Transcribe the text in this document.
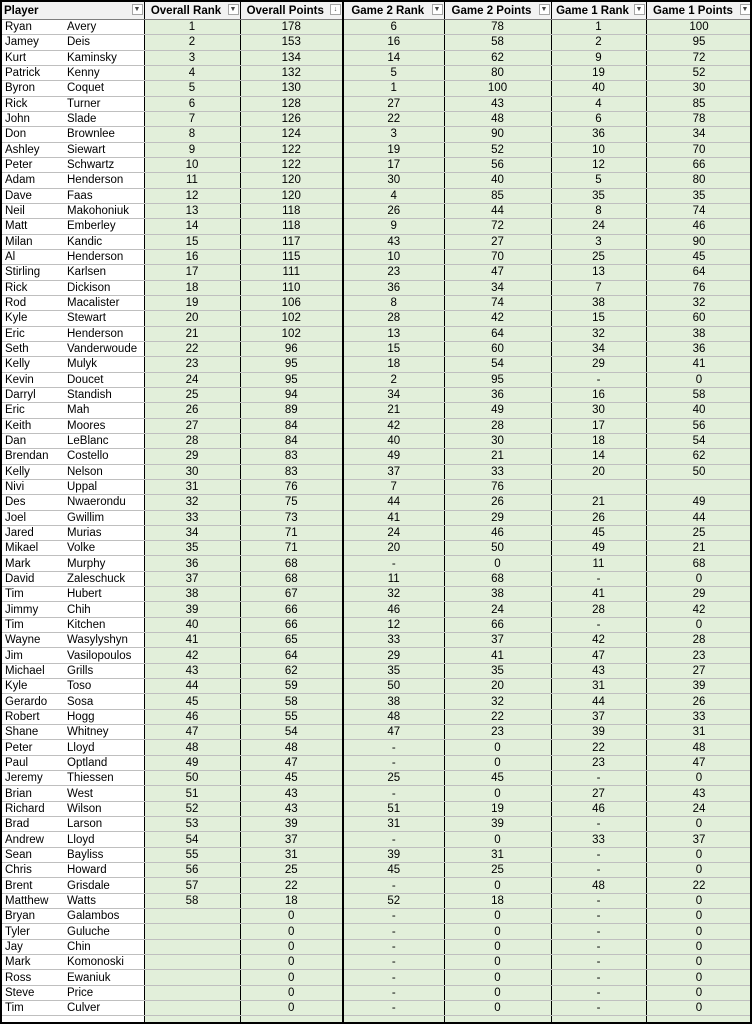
Player ▼		Overall Rank ▼	Overall Points ↓	Game 2 Rank ▼	Game 2 Points ▼	Game 1 Rank ▼	Game 1 Points ▼

Ryan	Avery	1	178	6	78	1	100
Jamey	Deis	2	153	16	58	2	95
Kurt	Kaminsky	3	134	14	62	9	72
Patrick	Kenny	4	132	5	80	19	52
Byron	Coquet	5	130	1	100	40	30
Rick	Turner	6	128	27	43	4	85
John	Slade	7	126	22	48	6	78
Don	Brownlee	8	124	3	90	36	34
Ashley	Siewart	9	122	19	52	10	70
Peter	Schwartz	10	122	17	56	12	66
Adam	Henderson	11	120	30	40	5	80
Dave	Faas	12	120	4	85	35	35
Neil	Makohoniuk	13	118	26	44	8	74
Matt	Emberley	14	118	9	72	24	46
Milan	Kandic	15	117	43	27	3	90
Al	Henderson	16	115	10	70	25	45
Stirling	Karlsen	17	111	23	47	13	64
Rick	Dickison	18	110	36	34	7	76
Rod	Macalister	19	106	8	74	38	32
Kyle	Stewart	20	102	28	42	15	60
Eric	Henderson	21	102	13	64	32	38
Seth	Vanderwoude	22	96	15	60	34	36
Kelly	Mulyk	23	95	18	54	29	41
Kevin	Doucet	24	95	2	95	-	0
Darryl	Standish	25	94	34	36	16	58
Eric	Mah	26	89	21	49	30	40
Keith	Moores	27	84	42	28	17	56
Dan	LeBlanc	28	84	40	30	18	54
Brendan	Costello	29	83	49	21	14	62
Kelly	Nelson	30	83	37	33	20	50
Nivi	Uppal	31	76	7	76		
Des	Nwaerondu	32	75	44	26	21	49
Joel	Gwillim	33	73	41	29	26	44
Jared	Murias	34	71	24	46	45	25
Mikael	Volke	35	71	20	50	49	21
Mark	Murphy	36	68	-	0	11	68
David	Zaleschuck	37	68	11	68	-	0
Tim	Hubert	38	67	32	38	41	29
Jimmy	Chih	39	66	46	24	28	42
Tim	Kitchen	40	66	12	66	-	0
Wayne	Wasylyshyn	41	65	33	37	42	28
Jim	Vasilopoulos	42	64	29	41	47	23
Michael	Grills	43	62	35	35	43	27
Kyle	Toso	44	59	50	20	31	39
Gerardo	Sosa	45	58	38	32	44	26
Robert	Hogg	46	55	48	22	37	33
Shane	Whitney	47	54	47	23	39	31
Peter	Lloyd	48	48	-	0	22	48
Paul	Optland	49	47	-	0	23	47
Jeremy	Thiessen	50	45	25	45	-	0
Brian	West	51	43	-	0	27	43
Richard	Wilson	52	43	51	19	46	24
Brad	Larson	53	39	31	39	-	0
Andrew	Lloyd	54	37	-	0	33	37
Sean	Bayliss	55	31	39	31	-	0
Chris	Howard	56	25	45	25	-	0
Brent	Grisdale	57	22	-	0	48	22
Matthew	Watts	58	18	52	18	-	0
Bryan	Galambos		0	-	0	-	0
Tyler	Guluche		0	-	0	-	0
Jay	Chin		0	-	0	-	0
Mark	Komonoski		0	-	0	-	0
Ross	Ewaniuk		0	-	0	-	0
Steve	Price		0	-	0	-	0
Tim	Culver		0	-	0	-	0
